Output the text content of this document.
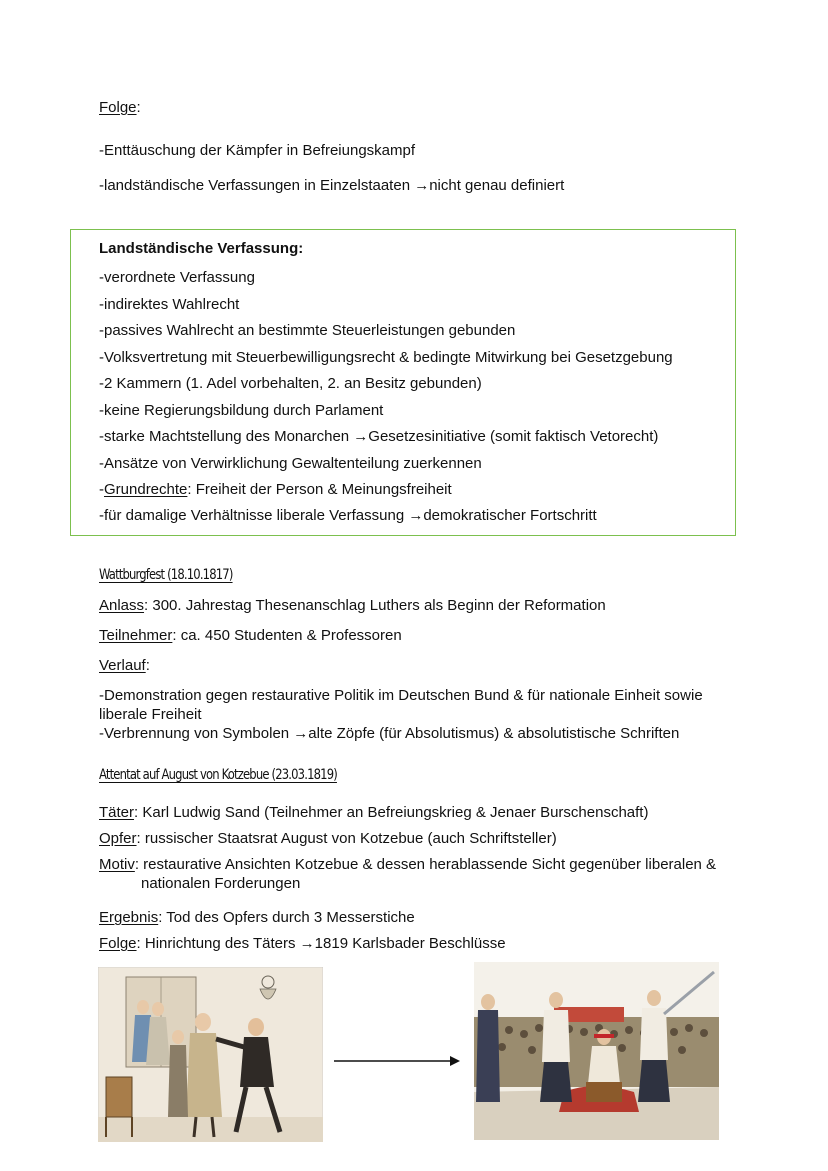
Folge:
-Enttäuschung der Kämpfer in Befreiungskampf
-landständische Verfassungen in Einzelstaaten →nicht genau definiert
Landständische Verfassung:
-verordnete Verfassung
-indirektes Wahlrecht
-passives Wahlrecht an bestimmte Steuerleistungen gebunden
-Volksvertretung mit Steuerbewilligungsrecht & bedingte Mitwirkung bei Gesetzgebung
-2 Kammern (1. Adel vorbehalten, 2. an Besitz gebunden)
-keine Regierungsbildung durch Parlament
-starke Machtstellung des Monarchen →Gesetzesinitiative (somit faktisch Vetorecht)
-Ansätze von Verwirklichung Gewaltenteilung zuerkennen
-Grundrechte: Freiheit der Person & Meinungsfreiheit
-für damalige Verhältnisse liberale Verfassung →demokratischer Fortschritt
Wattburgfest (18.10.1817)
Anlass: 300. Jahrestag Thesenanschlag Luthers als Beginn der Reformation
Teilnehmer: ca. 450 Studenten & Professoren
Verlauf:
-Demonstration gegen restaurative Politik im Deutschen Bund & für nationale Einheit sowie
liberale Freiheit
-Verbrennung von Symbolen →alte Zöpfe (für Absolutismus) & absolutistische Schriften
Attentat auf August von Kotzebue (23.03.1819)
Täter: Karl Ludwig Sand (Teilnehmer an Befreiungskrieg & Jenaer Burschenschaft)
Opfer: russischer Staatsrat August von Kotzebue (auch Schriftsteller)
Motiv: restaurative Ansichten Kotzebue & dessen herablassende Sicht gegenüber liberalen &
nationalen Forderungen
Ergebnis: Tod des Opfers durch 3 Messerstiche
Folge: Hinrichtung des Täters →1819 Karlsbader Beschlüsse
